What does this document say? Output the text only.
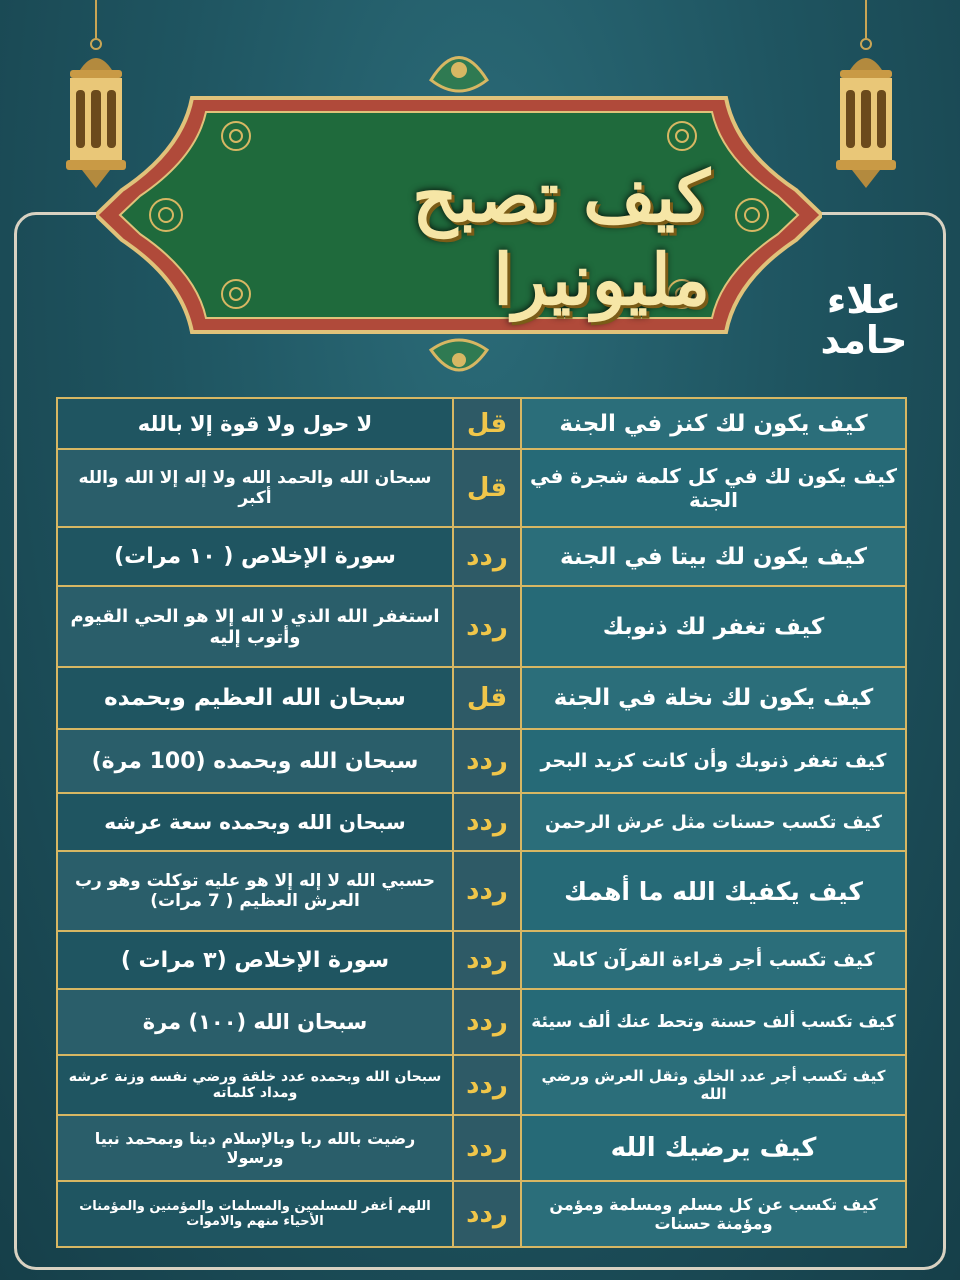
كيف تصبح مليونيرا	علاء
حامد
كيف يكون لك كنز في الجنة	قل	لا حول ولا قوة إلا بالله
كيف يكون لك في كل كلمة شجرة في الجنة	قل	سبحان الله والحمد الله ولا إله إلا الله والله أكبر
كيف يكون لك بيتا في الجنة	ردد	سورة الإخلاص ( ١٠ مرات)
كيف تغفر لك ذنوبك	ردد	استغفر الله الذي لا اله إلا هو الحي القيوم وأتوب إليه
كيف يكون لك نخلة في الجنة	قل	سبحان الله العظيم وبحمده
كيف تغفر ذنوبك وأن كانت كزيد البحر	ردد	سبحان الله وبحمده (100 مرة)
كيف تكسب حسنات مثل عرش الرحمن	ردد	سبحان الله وبحمده سعة عرشه
كيف يكفيك الله ما أهمك	ردد	حسبي الله لا إله إلا هو عليه توكلت وهو رب العرش العظيم ( 7 مرات)
كيف تكسب أجر قراءة القرآن كاملا	ردد	سورة الإخلاص (٣ مرات )
كيف تكسب ألف حسنة وتحط عنك ألف سيئة	ردد	سبحان الله (١٠٠) مرة
كيف تكسب أجر عدد الخلق وثقل العرش ورضي الله	ردد	سبحان الله وبحمده عدد خلقة ورضي نفسه وزنة عرشه ومداد كلماته
كيف يرضيك الله	ردد	رضيت بالله ربا وبالإسلام دينا وبمحمد نبيا ورسولا
كيف تكسب عن كل مسلم ومسلمة ومؤمن ومؤمنة حسنات	ردد	اللهم أغفر للمسلمين والمسلمات والمؤمنين والمؤمنات الأحياء منهم والاموات
